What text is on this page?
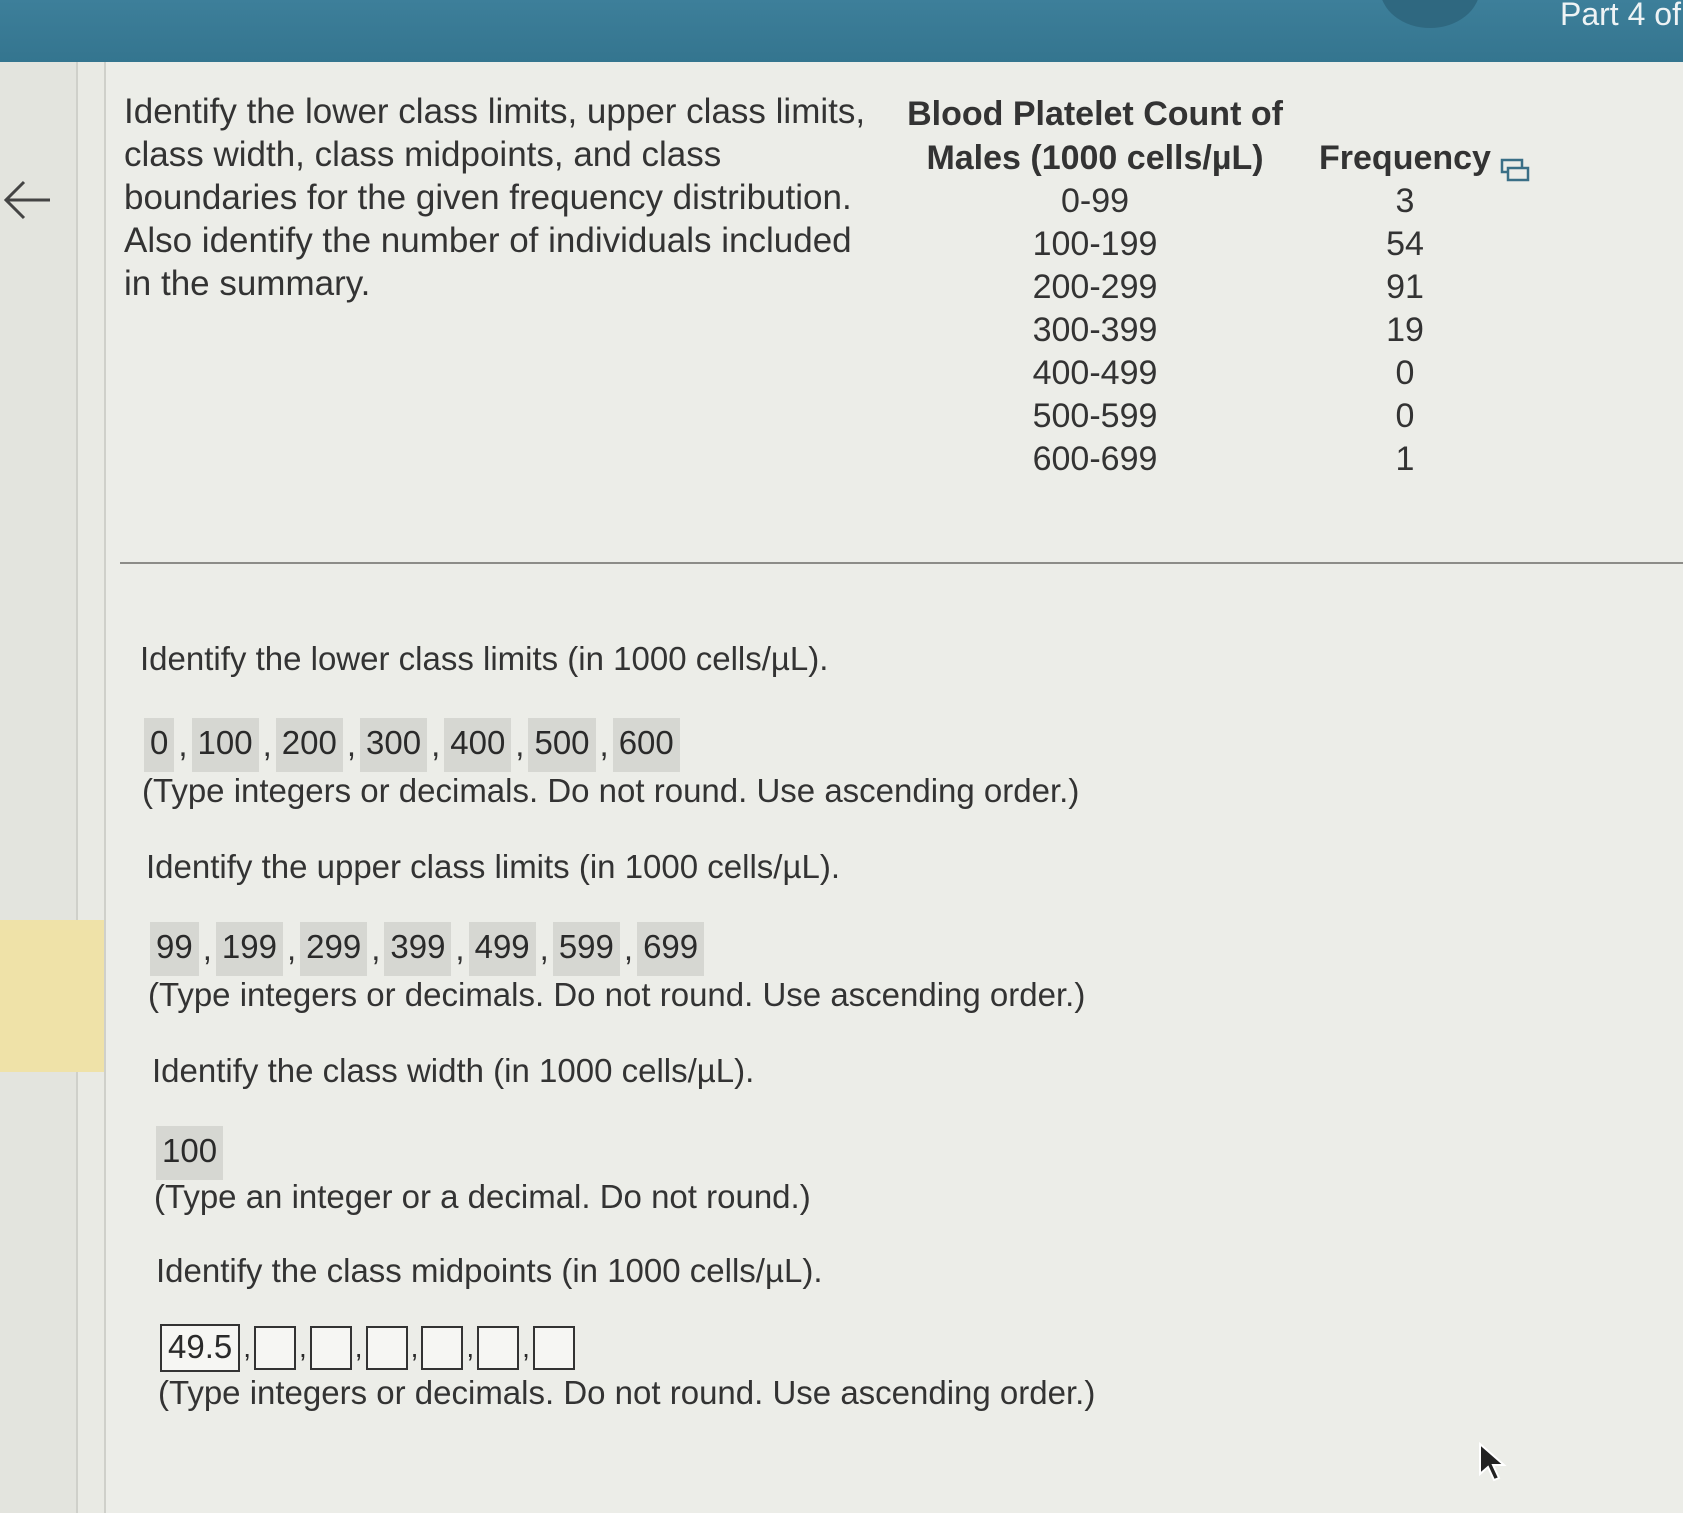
Part 4 of
Identify the lower class limits, upper class limits, class width, class midpoints, and class boundaries for the given frequency distribution. Also identify the number of individuals included in the summary.
Blood Platelet Count of
Males (1000 cells/µL)	Frequency
0-99	3
100-199	54
200-299	91
300-399	19
400-499	0
500-599	0
600-699	1
Identify the lower class limits (in 1000 cells/µL).
0 , 100 , 200 , 300 , 400 , 500 , 600
(Type integers or decimals. Do not round. Use ascending order.)
Identify the upper class limits (in 1000 cells/µL).
99 , 199 , 299 , 399 , 499 , 599 , 699
(Type integers or decimals. Do not round. Use ascending order.)
Identify the class width (in 1000 cells/µL).
100
(Type an integer or a decimal. Do not round.)
Identify the class midpoints (in 1000 cells/µL).
49.5 , , , , , ,
(Type integers or decimals. Do not round. Use ascending order.)
